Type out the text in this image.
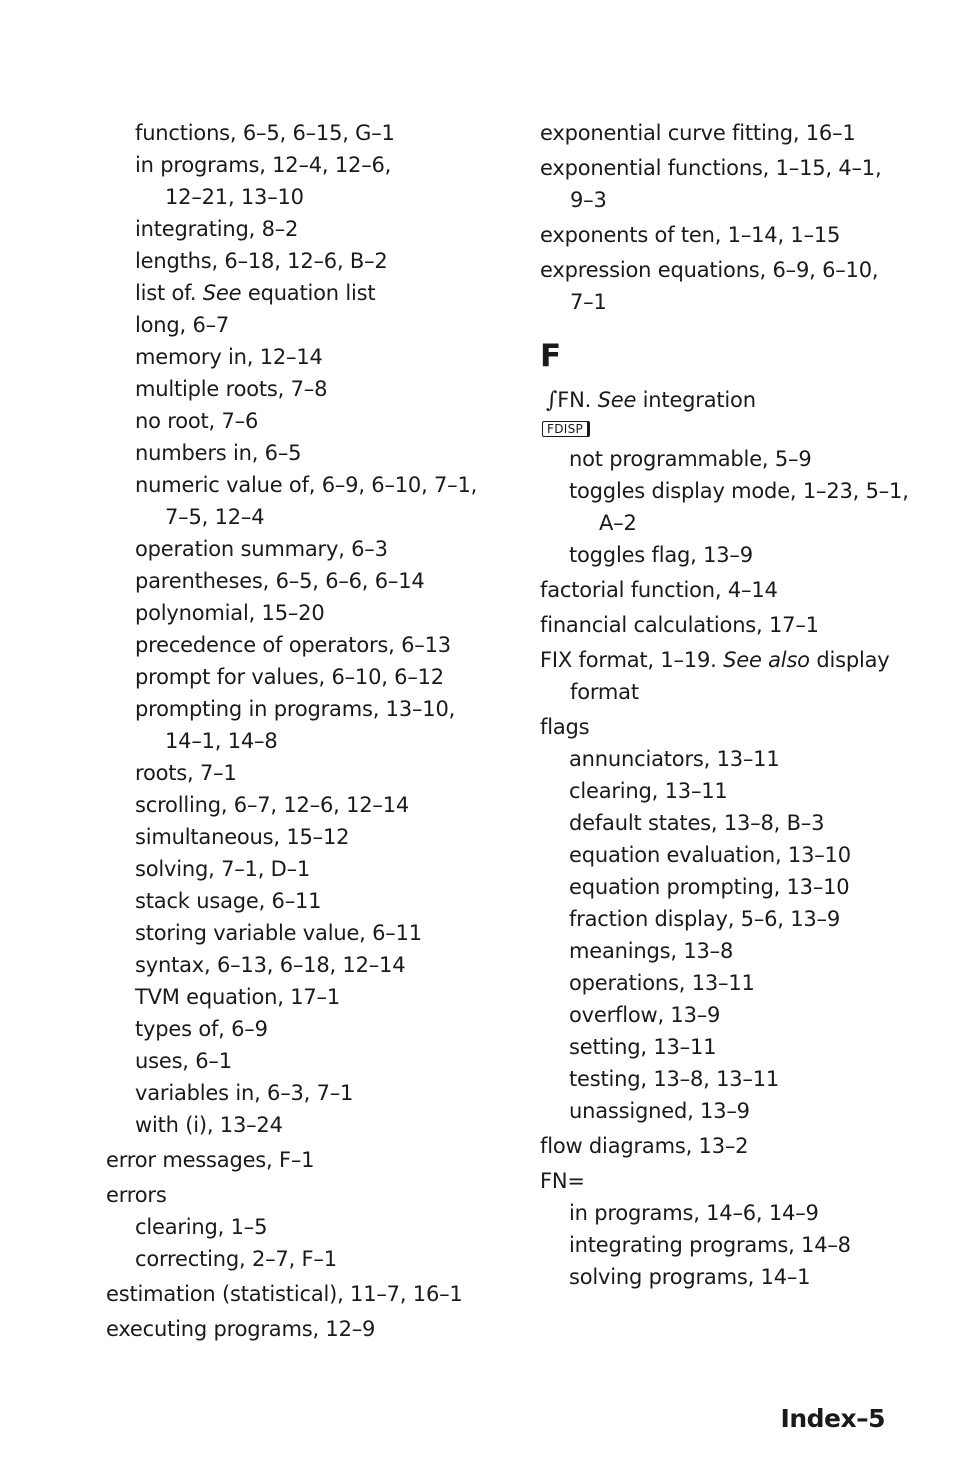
functions, 6–5, 6–15, G–1
in programs, 12–4, 12–6,
12–21, 13–10
integrating, 8–2
lengths, 6–18, 12–6, B–2
list of. See equation list
long, 6–7
memory in, 12–14
multiple roots, 7–8
no root, 7–6
numbers in, 6–5
numeric value of, 6–9, 6–10, 7–1,
7–5, 12–4
operation summary, 6–3
parentheses, 6–5, 6–6, 6–14
polynomial, 15–20
precedence of operators, 6–13
prompt for values, 6–10, 6–12
prompting in programs, 13–10,
14–1, 14–8
roots, 7–1
scrolling, 6–7, 12–6, 12–14
simultaneous, 15–12
solving, 7–1, D–1
stack usage, 6–11
storing variable value, 6–11
syntax, 6–13, 6–18, 12–14
TVM equation, 17–1
types of, 6–9
uses, 6–1
variables in, 6–3, 7–1
with (i), 13–24
error messages, F–1
errors
clearing, 1–5
correcting, 2–7, F–1
estimation (statistical), 11–7, 16–1
executing programs, 12–9
exponential curve fitting, 16–1
exponential functions, 1–15, 4–1,
9–3
exponents of ten, 1–14, 1–15
expression equations, 6–9, 6–10,
7–1
F
∫FN. See integration
FDISP
not programmable, 5–9
toggles display mode, 1–23, 5–1,
A–2
toggles flag, 13–9
factorial function, 4–14
financial calculations, 17–1
FIX format, 1–19. See also display
format
flags
annunciators, 13–11
clearing, 13–11
default states, 13–8, B–3
equation evaluation, 13–10
equation prompting, 13–10
fraction display, 5–6, 13–9
meanings, 13–8
operations, 13–11
overflow, 13–9
setting, 13–11
testing, 13–8, 13–11
unassigned, 13–9
flow diagrams, 13–2
FN=
in programs, 14–6, 14–9
integrating programs, 14–8
solving programs, 14–1
Index–5
